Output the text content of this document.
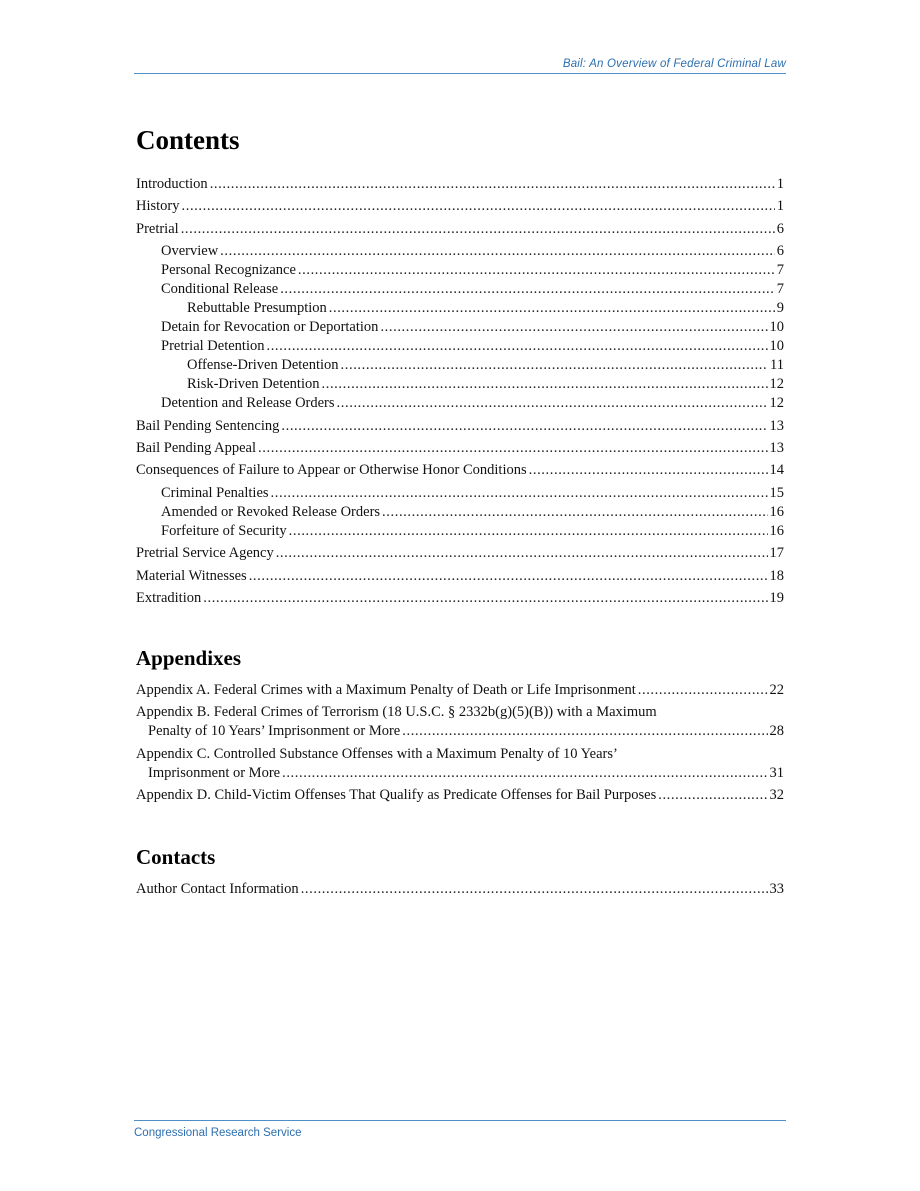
Bail: An Overview of Federal Criminal Law
Contents
Introduction .....	1
History .....	1
Pretrial .....	6
Overview .....	6
Personal Recognizance .....	7
Conditional Release .....	7
Rebuttable Presumption .....	9
Detain for Revocation or Deportation .....	10
Pretrial Detention .....	10
Offense-Driven Detention .....	11
Risk-Driven Detention .....	12
Detention and Release Orders .....	12
Bail Pending Sentencing .....	13
Bail Pending Appeal .....	13
Consequences of Failure to Appear or Otherwise Honor Conditions .....	14
Criminal Penalties .....	15
Amended or Revoked Release Orders .....	16
Forfeiture of Security .....	16
Pretrial Service Agency .....	17
Material Witnesses .....	18
Extradition .....	19
Appendixes
Appendix A. Federal Crimes with a Maximum Penalty of Death or Life Imprisonment .....	22
Appendix B. Federal Crimes of Terrorism (18 U.S.C. § 2332b(g)(5)(B)) with a Maximum
Penalty of 10 Years’ Imprisonment or More .....	28
Appendix C. Controlled Substance Offenses with a Maximum Penalty of 10 Years’
Imprisonment or More .....	31
Appendix D. Child-Victim Offenses That Qualify as Predicate Offenses for Bail Purposes .....	32
Contacts
Author Contact Information .....	33
Congressional Research Service
